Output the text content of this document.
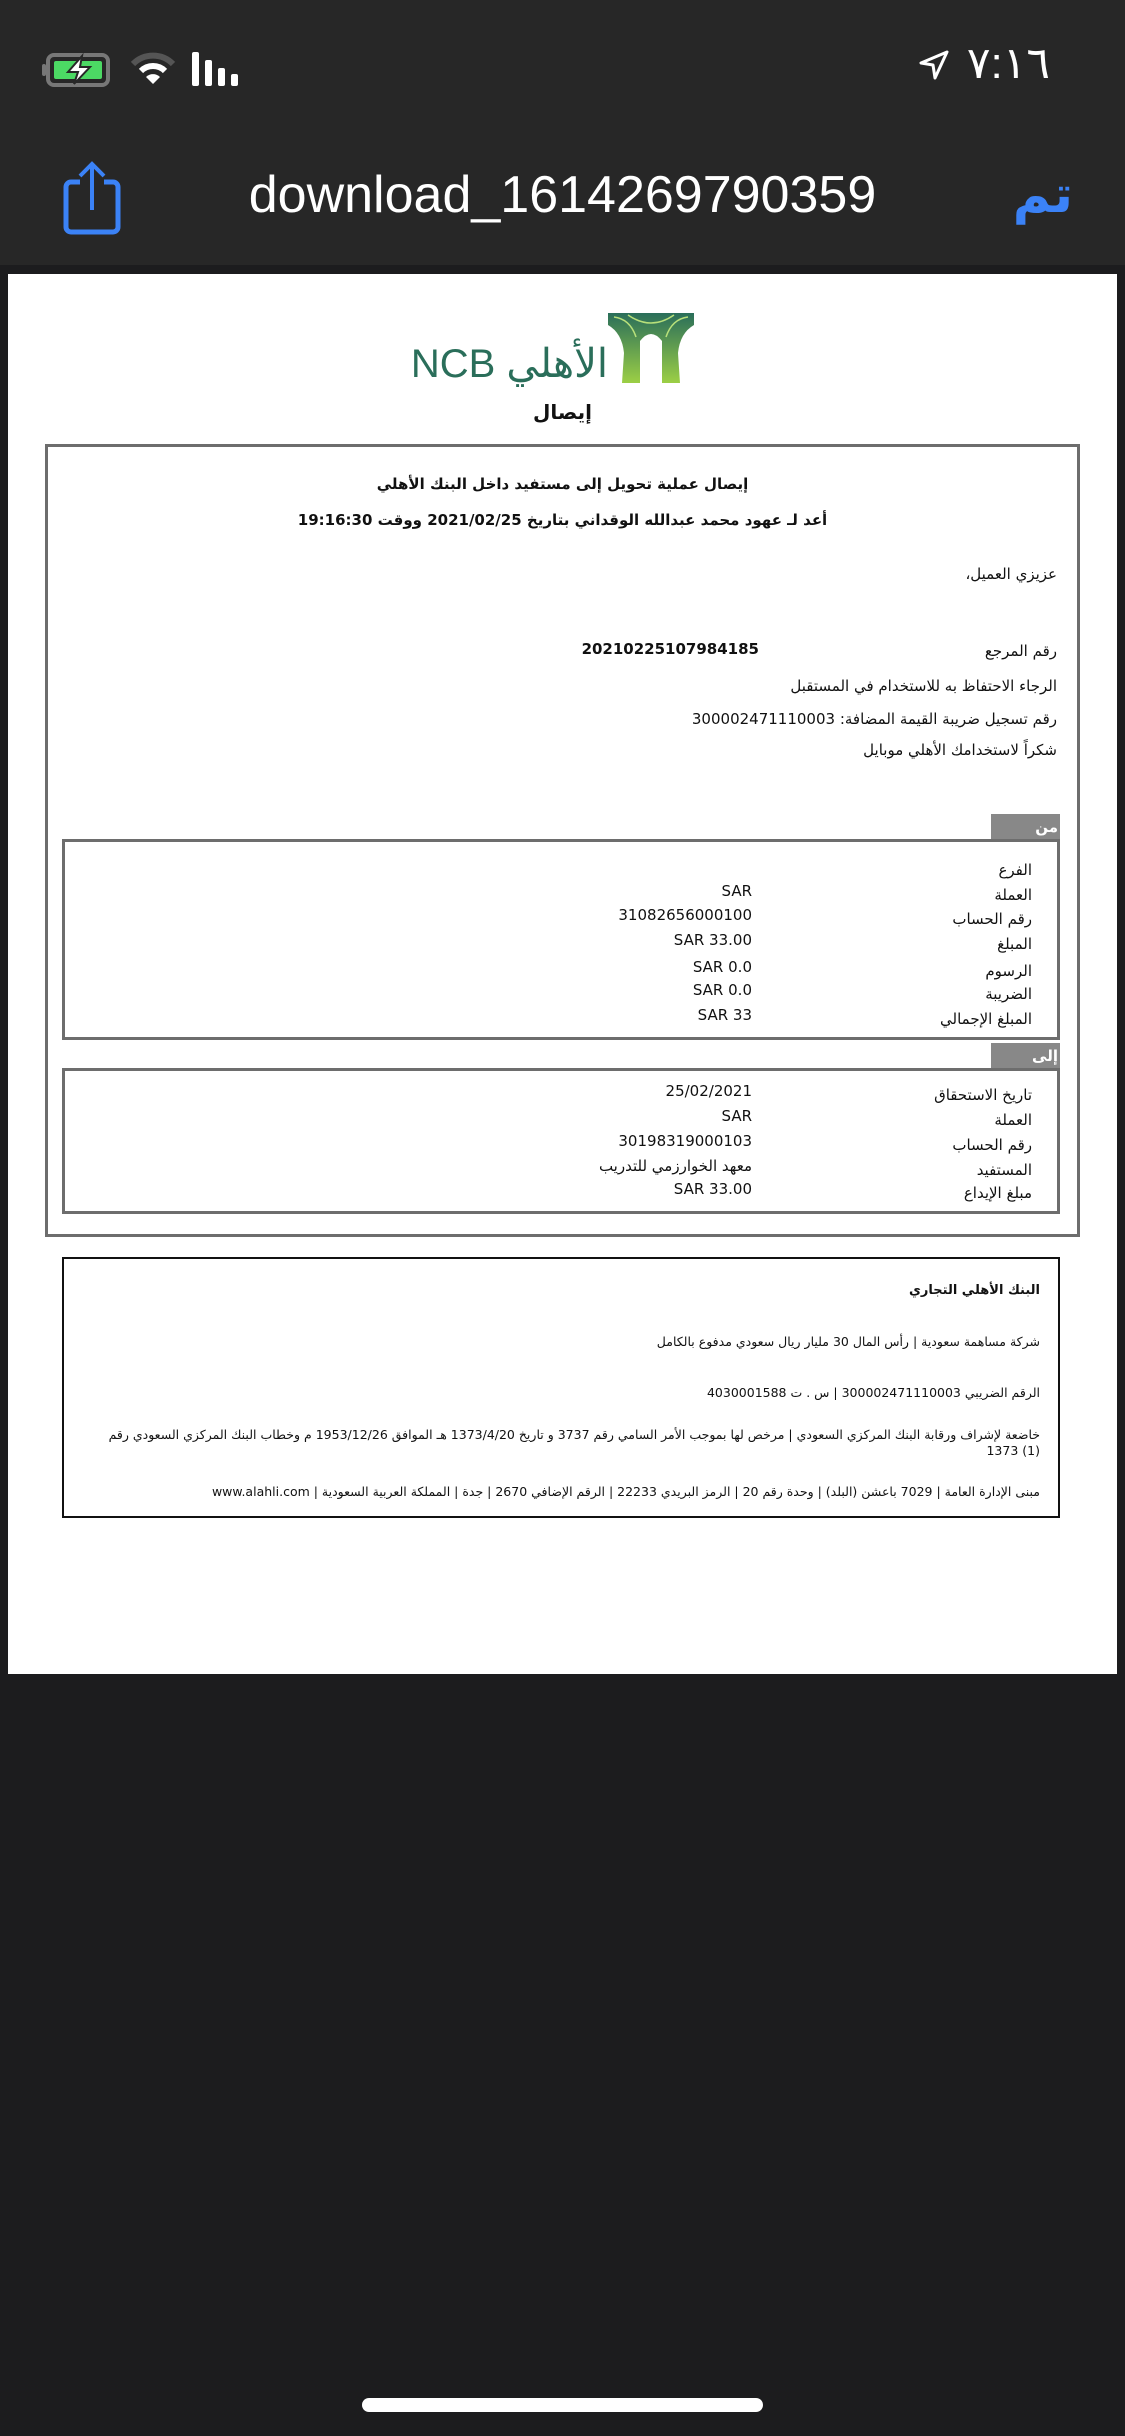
٧:١٦
download_1614269790359	تم
NCB الأهلي
إيصال
إيصال عملية تحويل إلى مستفيد داخل البنك الأهلي
أعد لـ عهود محمد عبدالله الوقداني بتاريخ 2021/02/25 ووقت 19:16:30
عزيزي العميل،
رقم المرجع
20210225107984185
الرجاء الاحتفاظ به للاستخدام في المستقبل
رقم تسجيل ضريبة القيمة المضافة: 300002471110003
شكراً لاستخدامك الأهلي موبايل
من
إلى
البنك الأهلي التجاري
شركة مساهمة سعودية | رأس المال 30 مليار ريال سعودي مدفوع بالكامل
الرقم الضريبي 300002471110003 | س . ت 4030001588
خاضعة لإشراف ورقابة البنك المركزي السعودي | مرخص لها بموجب الأمر السامي رقم 3737 و تاريخ 1373/4/20 هـ الموافق 1953/12/26 م وخطاب البنك المركزي السعودي رقم (1) 1373
مبنى الإدارة العامة | 7029 باعشن (البلد) | وحدة رقم 20 | الرمز البريدي 22233 | الرقم الإضافي 2670 | جدة | المملكة العربية السعودية | www.alahli.com
الفرع
العملة
SAR
رقم الحساب
31082656000100
المبلغ
33.00 SAR
الرسوم
0.0 SAR
الضريبة
0.0 SAR
المبلغ الإجمالي
33 SAR
تاريخ الاستحقاق
25/02/2021
العملة
SAR
رقم الحساب
30198319000103
المستفيد
معهد الخوارزمي للتدريب
مبلغ الإيداع
33.00 SAR
